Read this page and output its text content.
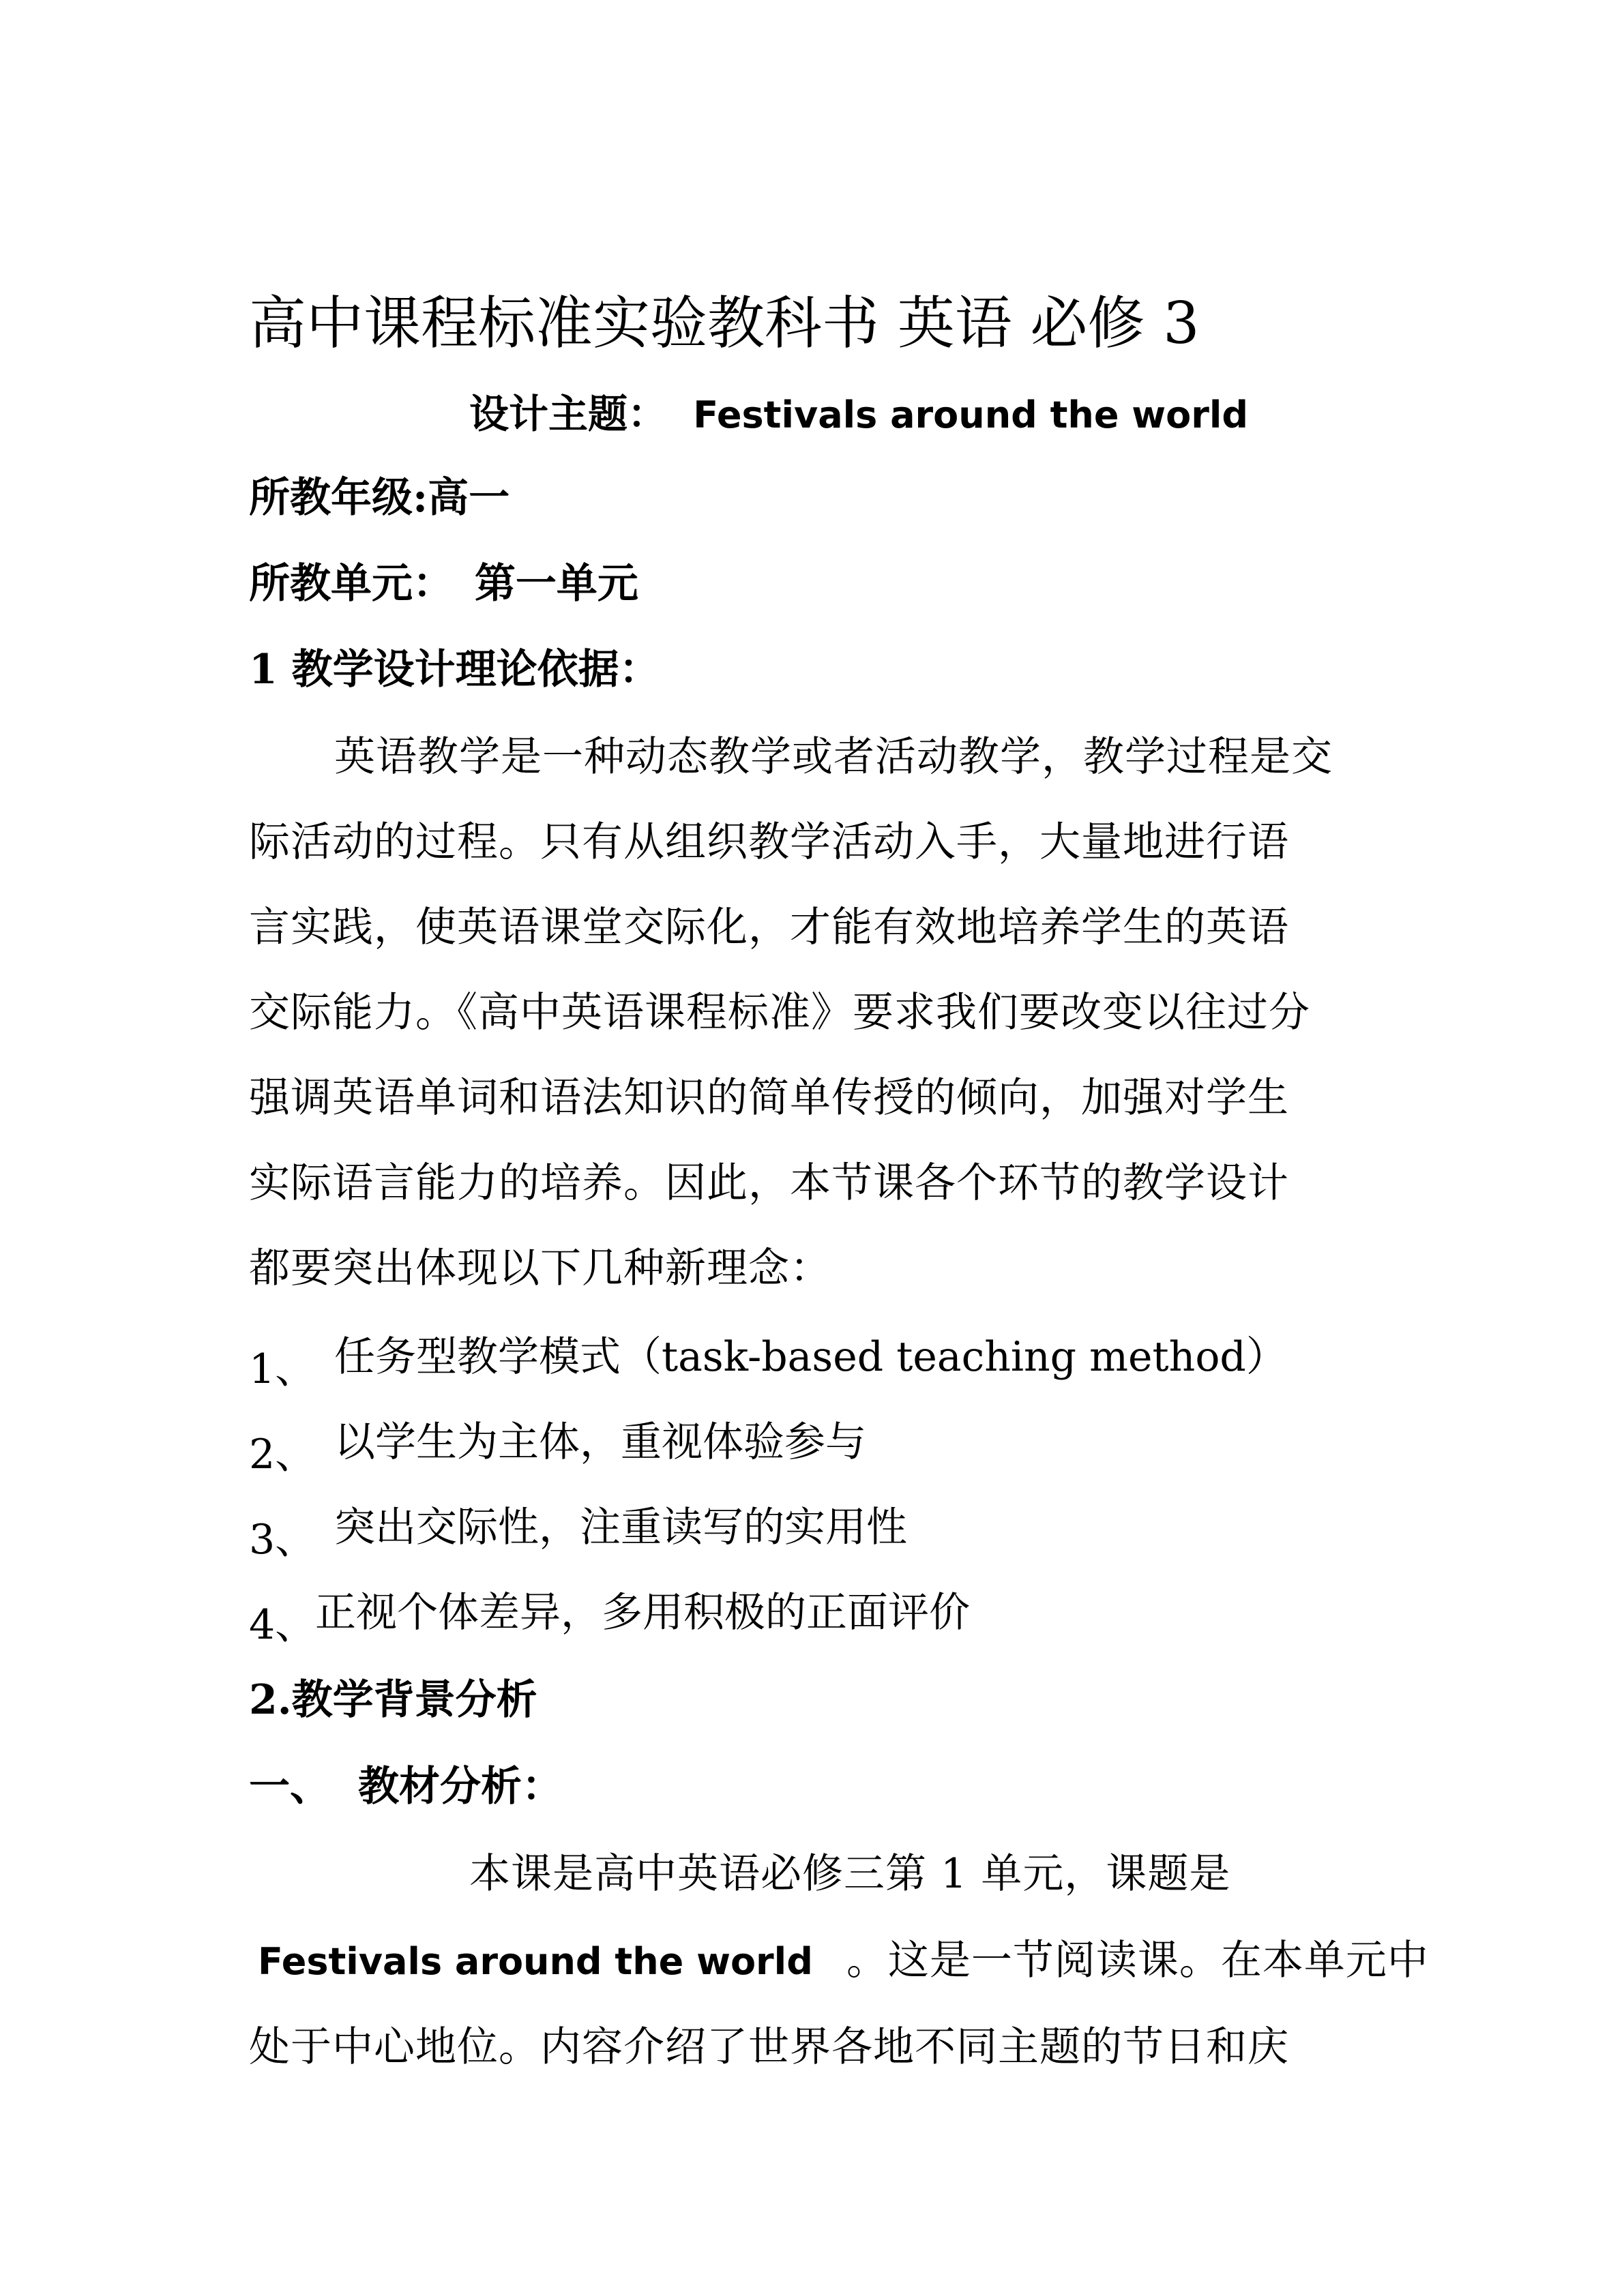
高中课程标准实验教科书 英语 必修 3
设计主题： Festivals around the world
所教年级:高一
所教单元： 第一单元
1 教学设计理论依据：
英语教学是一种动态教学或者活动教学，教学过程是交
际活动的过程。只有从组织教学活动入手，大量地进行语
言实践，使英语课堂交际化，才能有效地培养学生的英语
交际能力。《高中英语课程标准》要求我们要改变以往过分
强调英语单词和语法知识的简单传授的倾向，加强对学生
实际语言能力的培养。因此，本节课各个环节的教学设计
都要突出体现以下几种新理念：
1、 任务型教学模式（task-based teaching method）
2、 以学生为主体，重视体验参与
3、 突出交际性，注重读写的实用性
4、
正视个体差异，多用积极的正面评价
2.教学背景分析
一、 教材分析：
本课是高中英语必修三第 1 单元，课题是
Festivals around the world 。这是一节阅读课。在本单元中
处于中心地位。内容介绍了世界各地不同主题的节日和庆
